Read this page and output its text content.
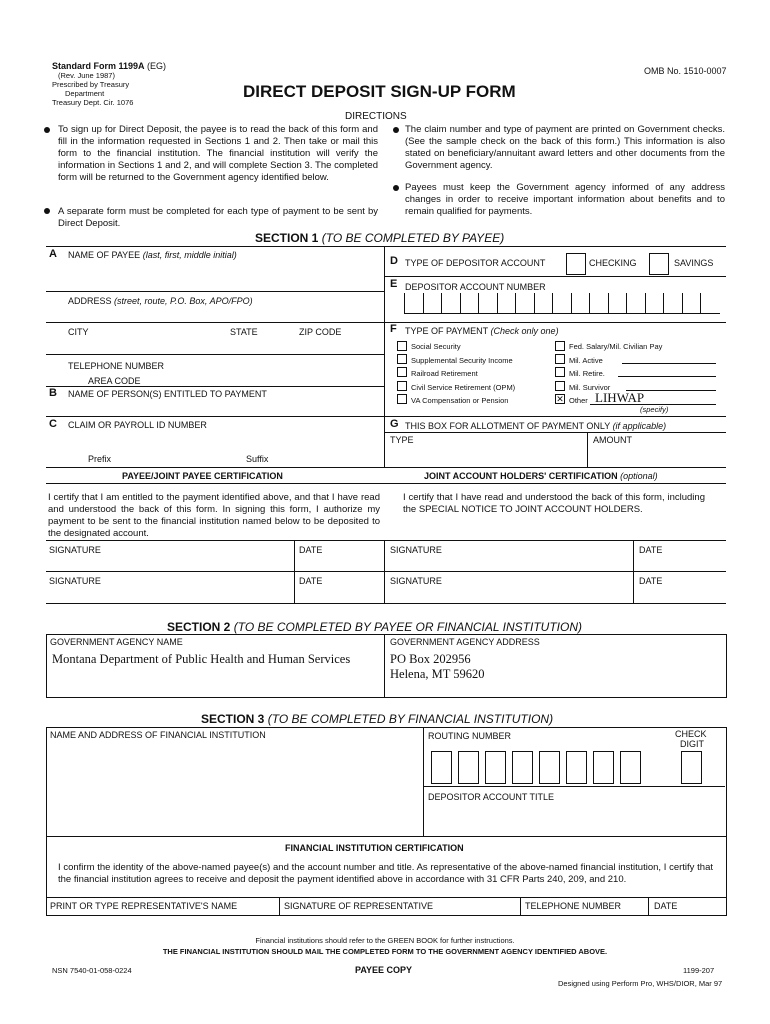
Standard Form 1199A (EG)
(Rev. June 1987)
Prescribed by Treasury
Department
Treasury Dept. Cir. 1076
OMB No. 1510-0007
DIRECT DEPOSIT SIGN-UP FORM
DIRECTIONS
To sign up for Direct Deposit, the payee is to read the back of this form and fill in the information requested in Sections 1 and 2. Then take or mail this form to the financial institution. The financial institution will verify the information in Sections 1 and 2, and will complete Section 3. The completed form will be returned to the Government agency identified below.
A separate form must be completed for each type of payment to be sent by Direct Deposit.
The claim number and type of payment are printed on Government checks. (See the sample check on the back of this form.) This information is also stated on beneficiary/annuitant award letters and other documents from the Government agency.
Payees must keep the Government agency informed of any address changes in order to receive important information about benefits and to remain qualified for payments.
SECTION 1 (TO BE COMPLETED BY PAYEE)
A NAME OF PAYEE (last, first, middle initial)
ADDRESS (street, route, P.O. Box, APO/FPO)
CITY	STATE	ZIP CODE
TELEPHONE NUMBER
AREA CODE
B NAME OF PERSON(S) ENTITLED TO PAYMENT
C CLAIM OR PAYROLL ID NUMBER
Prefix	Suffix
D TYPE OF DEPOSITOR ACCOUNT	CHECKING	SAVINGS
E DEPOSITOR ACCOUNT NUMBER
F TYPE OF PAYMENT (Check only one)
Social Security
Supplemental Security Income
Railroad Retirement
Civil Service Retirement (OPM)
VA Compensation or Pension
Fed. Salary/Mil. Civilian Pay
Mil. Active
Mil. Retire.
Mil. Survivor
✕ Other LIHWAP
(specify)
G THIS BOX FOR ALLOTMENT OF PAYMENT ONLY (if applicable)
TYPE	AMOUNT
PAYEE/JOINT PAYEE CERTIFICATION	JOINT ACCOUNT HOLDERS' CERTIFICATION (optional)
I certify that I am entitled to the payment identified above, and that I have read and understood the back of this form. In signing this form, I authorize my payment to be sent to the financial institution named below to be deposited to the designated account.
I certify that I have read and understood the back of this form, including the SPECIAL NOTICE TO JOINT ACCOUNT HOLDERS.
SIGNATURE	DATE	SIGNATURE	DATE
SIGNATURE	DATE	SIGNATURE	DATE
SECTION 2 (TO BE COMPLETED BY PAYEE OR FINANCIAL INSTITUTION)
GOVERNMENT AGENCY NAME
Montana Department of Public Health and Human Services
GOVERNMENT AGENCY ADDRESS
PO Box 202956
Helena, MT 59620
SECTION 3 (TO BE COMPLETED BY FINANCIAL INSTITUTION)
NAME AND ADDRESS OF FINANCIAL INSTITUTION	ROUTING NUMBER	CHECK
DIGIT
DEPOSITOR ACCOUNT TITLE
FINANCIAL INSTITUTION CERTIFICATION
I confirm the identity of the above-named payee(s) and the account number and title. As representative of the above-named financial institution, I certify that the financial institution agrees to receive and deposit the payment identified above in accordance with 31 CFR Parts 240, 209, and 210.
PRINT OR TYPE REPRESENTATIVE'S NAME	SIGNATURE OF REPRESENTATIVE	TELEPHONE NUMBER	DATE
Financial institutions should refer to the GREEN BOOK for further instructions.
THE FINANCIAL INSTITUTION SHOULD MAIL THE COMPLETED FORM TO THE GOVERNMENT AGENCY IDENTIFIED ABOVE.
NSN 7540-01-058-0224	PAYEE COPY	1199-207
Designed using Perform Pro, WHS/DIOR, Mar 97
